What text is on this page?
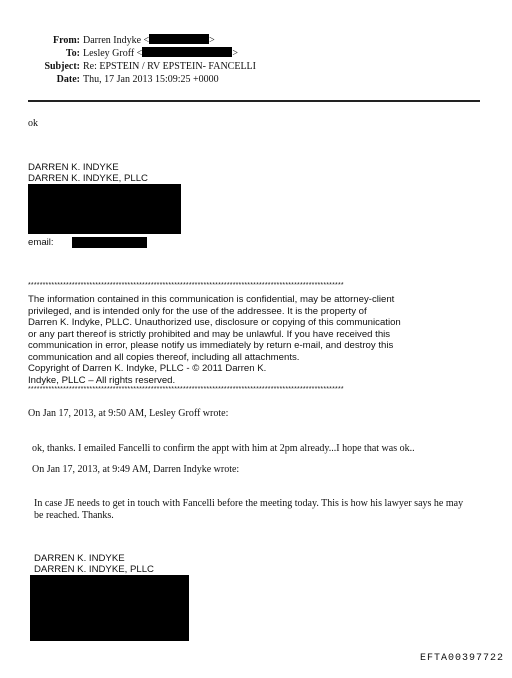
From: Darren Indyke <	>
To: Lesley Groff <	>
Subject: Re: EPSTEIN / RV EPSTEIN- FANCELLI
Date: Thu, 17 Jan 2013 15:09:25 +0000
ok
DARREN K. INDYKE
DARREN K. INDYKE, PLLC
email:
************************************************************************************************************
The information contained in this communication is confidential, may be attorney-client
privileged, and is intended only for the use of the addressee. It is the property of
Darren K. Indyke, PLLC. Unauthorized use, disclosure or copying of this communication
or any part thereof is strictly prohibited and may be unlawful. If you have received this
communication in error, please notify us immediately by return e-mail, and destroy this
communication and all copies thereof, including all attachments.
Copyright of Darren K. Indyke, PLLC - © 2011 Darren K.
Indyke, PLLC – All rights reserved.
************************************************************************************************************
On Jan 17, 2013, at 9:50 AM, Lesley Groff wrote:
ok, thanks. I emailed Fancelli to confirm the appt with him at 2pm already...I hope that was ok..
On Jan 17, 2013, at 9:49 AM, Darren Indyke wrote:
In case JE needs to get in touch with Fancelli before the meeting today. This is how his lawyer says he may
be reached. Thanks.
DARREN K. INDYKE
DARREN K. INDYKE, PLLC
EFTA00397722
